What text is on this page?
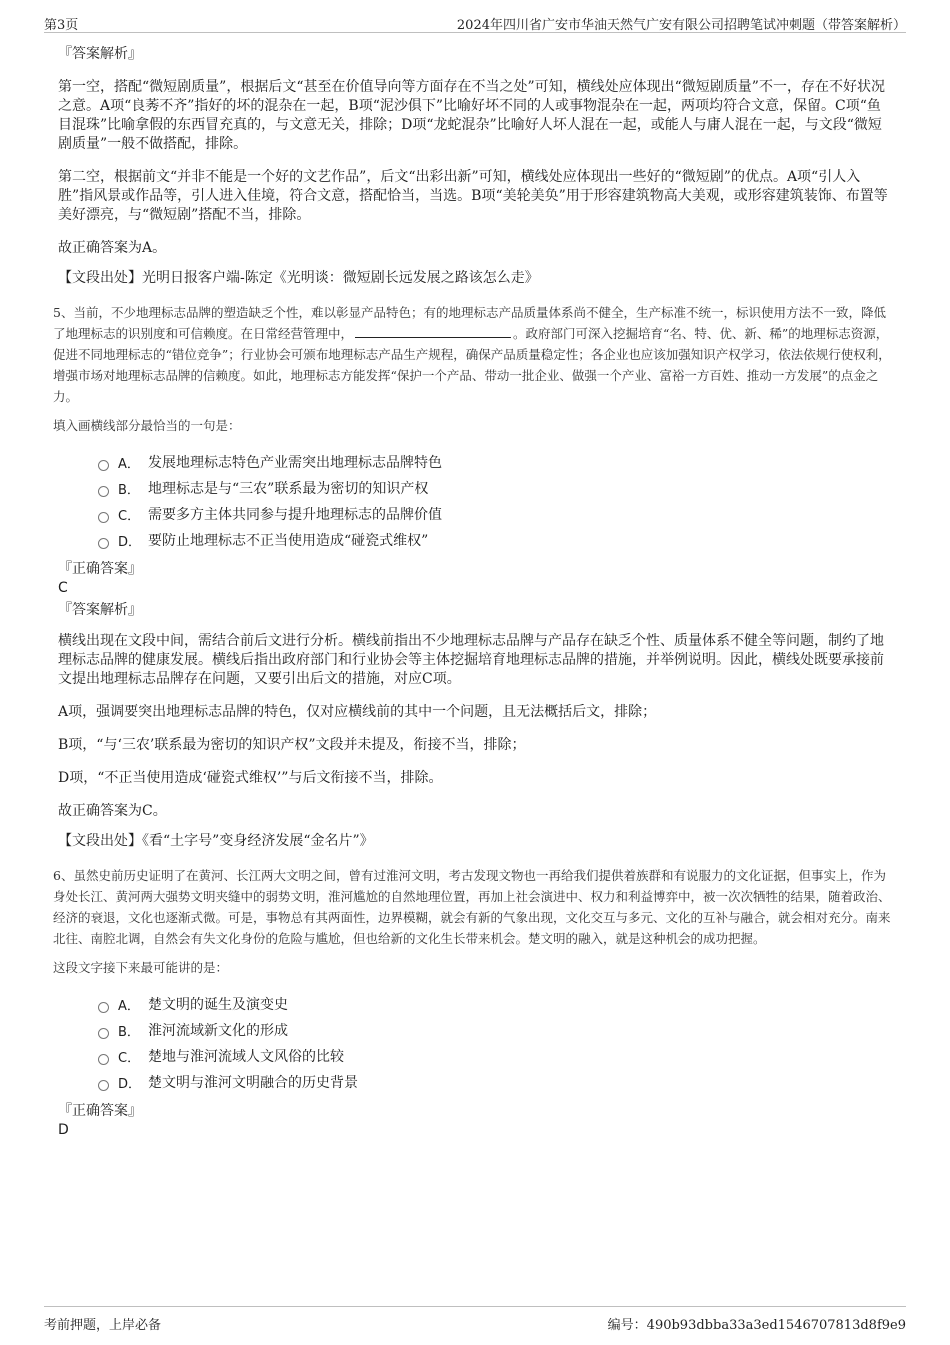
第3页	2024年四川省广安市华油天然气广安有限公司招聘笔试冲刺题（带答案解析）
『答案解析』

第一空，搭配“微短剧质量”，根据后文“甚至在价值导向等方面存在不当之处”可知，横线处应体现出“微短剧质量”不一，存在不好状况之意。A项“良莠不齐”指好的坏的混杂在一起，B项“泥沙俱下”比喻好坏不同的人或事物混杂在一起，两项均符合文意，保留。C项“鱼目混珠”比喻拿假的东西冒充真的，与文意无关，排除；D项“龙蛇混杂”比喻好人坏人混在一起，或能人与庸人混在一起，与文段“微短剧质量”一般不做搭配，排除。

第二空，根据前文“并非不能是一个好的文艺作品”，后文“出彩出新”可知，横线处应体现出一些好的“微短剧”的优点。A项“引人入胜”指风景或作品等，引人进入佳境，符合文意，搭配恰当，当选。B项“美轮美奂”用于形容建筑物高大美观，或形容建筑装饰、布置等美好漂亮，与“微短剧”搭配不当，排除。

故正确答案为A。

【文段出处】光明日报客户端-陈定《光明谈：微短剧长远发展之路该怎么走》

5、当前，不少地理标志品牌的塑造缺乏个性，难以彰显产品特色；有的地理标志产品质量体系尚不健全，生产标准不统一，标识使用方法不一致，降低了地理标志的识别度和可信赖度。在日常经营管理中，	。政府部门可深入挖掘培育“名、特、优、新、稀”的地理标志资源，促进不同地理标志的“错位竞争”；行业协会可颁布地理标志产品生产规程，确保产品质量稳定性；各企业也应该加强知识产权学习，依法依规行使权利，增强市场对地理标志品牌的信赖度。如此，地理标志方能发挥“保护一个产品、带动一批企业、做强一个产业、富裕一方百姓、推动一方发展”的点金之力。

填入画横线部分最恰当的一句是：

A． 发展地理标志特色产业需突出地理标志品牌特色
B． 地理标志是与“三农”联系最为密切的知识产权
C． 需要多方主体共同参与提升地理标志的品牌价值
D． 要防止地理标志不正当使用造成“碰瓷式维权”
『正确答案』

C

『答案解析』

横线出现在文段中间，需结合前后文进行分析。横线前指出不少地理标志品牌与产品存在缺乏个性、质量体系不健全等问题，制约了地理标志品牌的健康发展。横线后指出政府部门和行业协会等主体挖掘培育地理标志品牌的措施，并举例说明。因此，横线处既要承接前文提出地理标志品牌存在问题，又要引出后文的措施，对应C项。

A项，强调要突出地理标志品牌的特色，仅对应横线前的其中一个问题，且无法概括后文，排除；

B项，“与‘三农’联系最为密切的知识产权”文段并未提及，衔接不当，排除；

D项，“不正当使用造成‘碰瓷式维权’”与后文衔接不当，排除。

故正确答案为C。

【文段出处】《看“土字号”变身经济发展“金名片”》

6、虽然史前历史证明了在黄河、长江两大文明之间，曾有过淮河文明，考古发现文物也一再给我们提供着族群和有说服力的文化证据，但事实上，作为身处长江、黄河两大强势文明夹缝中的弱势文明，淮河尴尬的自然地理位置，再加上社会演进中、权力和利益博弈中，被一次次牺牲的结果，随着政治、经济的衰退，文化也逐渐式微。可是，事物总有其两面性，边界模糊，就会有新的气象出现，文化交互与多元、文化的互补与融合，就会相对充分。南来北往、南腔北调，自然会有失文化身份的危险与尴尬，但也给新的文化生长带来机会。楚文明的融入，就是这种机会的成功把握。

这段文字接下来最可能讲的是：

A． 楚文明的诞生及演变史
B． 淮河流域新文化的形成
C． 楚地与淮河流域人文风俗的比较
D． 楚文明与淮河文明融合的历史背景
『正确答案』

D

考前押题，上岸必备	编号：490b93dbba33a3ed1546707813d8f9e9
